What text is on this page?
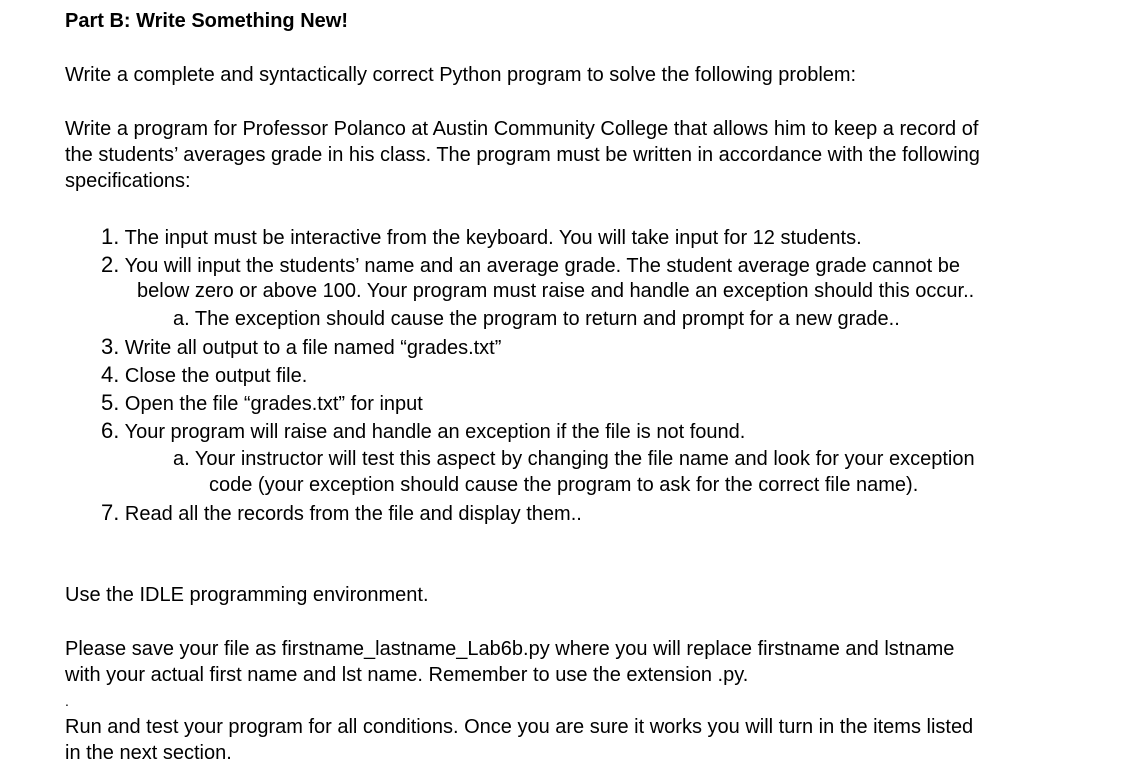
Part B: Write Something New!
Write a complete and syntactically correct Python program to solve the following problem:
Write a program for Professor Polanco at Austin Community College that allows him to keep a record of
the students’ averages grade in his class. The program must be written in accordance with the following
specifications:
1. The input must be interactive from the keyboard. You will take input for 12 students.
2. You will input the students’ name and an average grade. The student average grade cannot be
below zero or above 100. Your program must raise and handle an exception should this occur..
a. The exception should cause the program to return and prompt for a new grade..
3. Write all output to a file named “grades.txt”
4. Close the output file.
5. Open the file “grades.txt” for input
6. Your program will raise and handle an exception if the file is not found.
a. Your instructor will test this aspect by changing the file name and look for your exception
code (your exception should cause the program to ask for the correct file name).
7. Read all the records from the file and display them..
Use the IDLE programming environment.
Please save your file as firstname_lastname_Lab6b.py where you will replace firstname and lstname
with your actual first name and lst name. Remember to use the extension .py.
.
Run and test your program for all conditions. Once you are sure it works you will turn in the items listed
in the next section.
